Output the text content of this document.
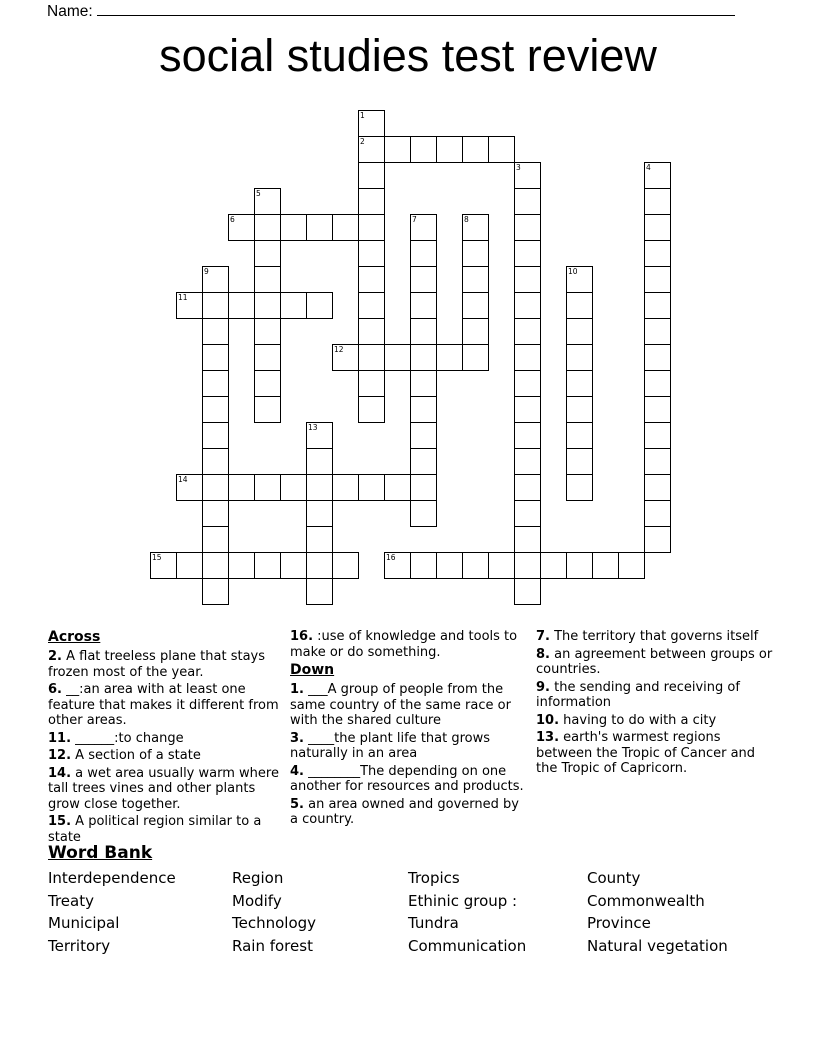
Name:
social studies test review
1
2
3	4
5
6	7	8
9	10
11
12
13
14
15	16
Across

2. A flat treeless plane that stays frozen most of the year.

6. __:an area with at least one feature that makes it different from other areas.

11. ______:to change

12. A section of a state

14. a wet area usually warm where tall trees vines and other plants grow close together.

15. A political region similar to a state

16. :use of knowledge and tools to make or do something.

Down

1. ___A group of people from the same country of the same race or with the shared culture

3. ____the plant life that grows naturally in an area

4. ________The depending on one another for resources and products.

5. an area owned and governed by a country.

7. The territory that governs itself

8. an agreement between groups or countries.

9. the sending and receiving of information

10. having to do with a city

13. earth's warmest regions between the Tropic of Cancer and the Tropic of Capricorn.

Word Bank
Interdependence	Region	Tropics	County
Treaty	Modify	Ethinic group :	Commonwealth
Municipal	Technology	Tundra	Province
Territory	Rain forest	Communication	Natural vegetation
